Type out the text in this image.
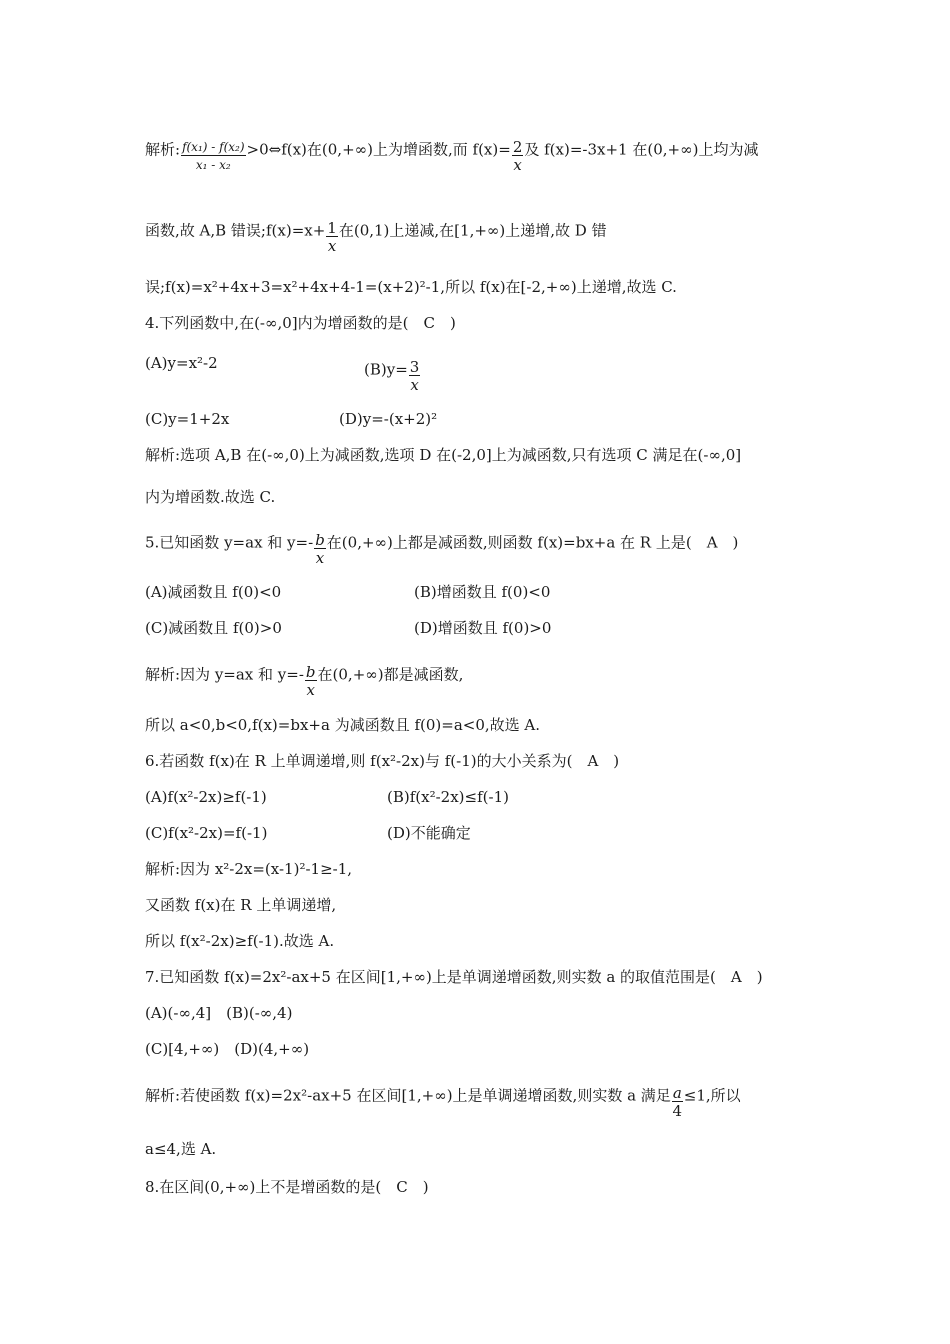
解析: $\frac{\text{f(x₁) - f(x₂)}}{\text{x₁ - x₂}}$ >0⇔f(x)在(0,+∞)上为增函数,而 $f(x)= \frac{2}{x}$ 及 f(x)=-3x+1 在(0,+∞)上均为减
函数,故 A,B 错误;f(x)=x+ $\frac{1}{x}$ 在(0,1)上递减,在[1,+∞)上递增,故 D 错
误;f(x)=x²+4x+3=x²+4x+4-1=(x+2)²-1,所以 f(x)在[-2,+∞)上递增,故选 C.
4.下列函数中,在(-∞,0]内为增函数的是(　C　)
(A)y=x²-2	$(B)y= \frac{3}{x}$
(C)y=1+2x	(D)y=-(x+2)²
解析:选项 A,B 在(-∞,0)上为减函数,选项 D 在(-2,0]上为减函数,只有选项 C 满足在(-∞,0]
内为增函数.故选 C.
5.已知函数 y=ax 和 $y=- \frac{b}{x}$ 在(0,+∞)上都是减函数,则函数 f(x)=bx+a 在 R 上是(　A　)
(A)减函数且 f(0)<0	(B)增函数且 f(0)<0
(C)减函数且 f(0)>0	(D)增函数且 f(0)>0
解析:因为 y=ax 和 $y=- \frac{b}{x}$ 在(0,+∞)都是减函数,
所以 a<0,b<0,f(x)=bx+a 为减函数且 f(0)=a<0,故选 A.
6.若函数 f(x)在 R 上单调递增,则 f(x²-2x)与 f(-1)的大小关系为(　A　)
(A)f(x²-2x)≥f(-1)	(B)f(x²-2x)≤f(-1)
(C)f(x²-2x)=f(-1)	(D)不能确定
解析:因为 x²-2x=(x-1)²-1≥-1,
又函数 f(x)在 R 上单调递增,
所以 f(x²-2x)≥f(-1).故选 A.
7.已知函数 f(x)=2x²-ax+5 在区间[1,+∞)上是单调递增函数,则实数 a 的取值范围是(　A　)
(A)(-∞,4]　(B)(-∞,4)
(C)[4,+∞)　(D)(4,+∞)
解析:若使函数 f(x)=2x²-ax+5 在区间[1,+∞)上是单调递增函数,则实数 a 满足 $\frac{a}{4} \le 1$,所以
a≤4,选 A.
8.在区间(0,+∞)上不是增函数的是(　C　)
